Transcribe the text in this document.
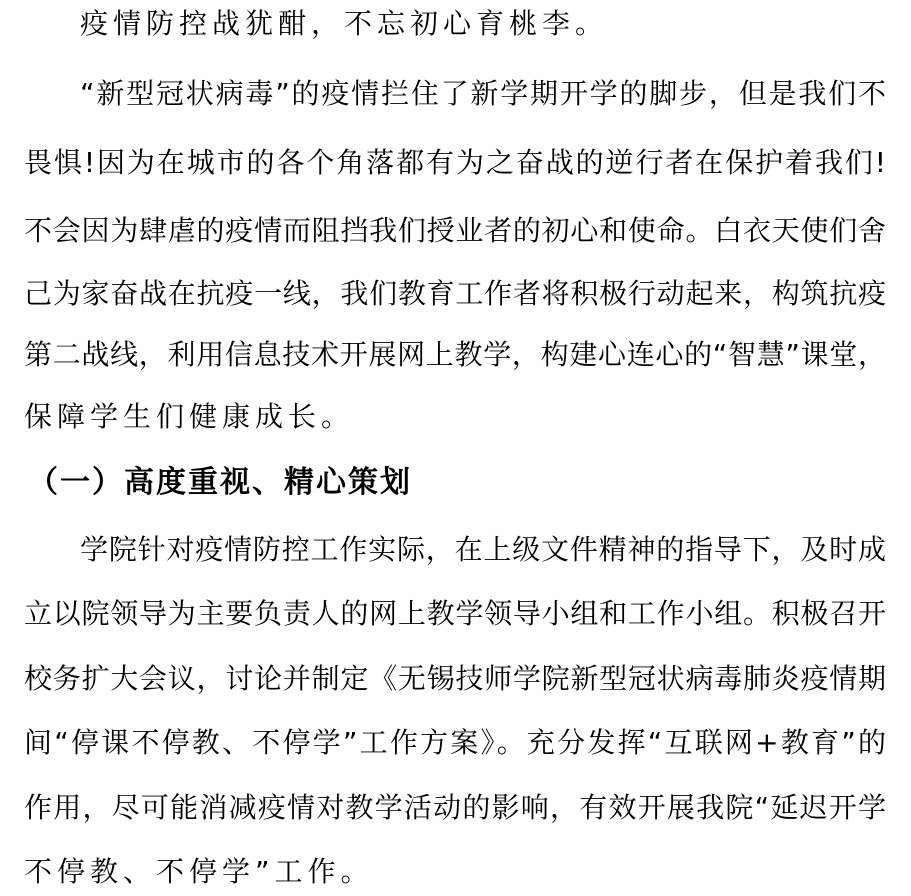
疫情防控战犹酣，不忘初心育桃李。
“新型冠状病毒”的疫情拦住了新学期开学的脚步，但是我们不
畏惧!因为在城市的各个角落都有为之奋战的逆行者在保护着我们!
不会因为肆虐的疫情而阻挡我们授业者的初心和使命。白衣天使们舍
己为家奋战在抗疫一线，我们教育工作者将积极行动起来，构筑抗疫
第二战线，利用信息技术开展网上教学，构建心连心的“智慧”课堂，
保障学生们健康成长。
（一）高度重视、精心策划
学院针对疫情防控工作实际，在上级文件精神的指导下，及时成
立以院领导为主要负责人的网上教学领导小组和工作小组。积极召开
校务扩大会议，讨论并制定《无锡技师学院新型冠状病毒肺炎疫情期
间“停课不停教、不停学”工作方案》。充分发挥“互联网+教育”的
作用，尽可能消减疫情对教学活动的影响，有效开展我院“延迟开学
不停教、不停学”工作。
